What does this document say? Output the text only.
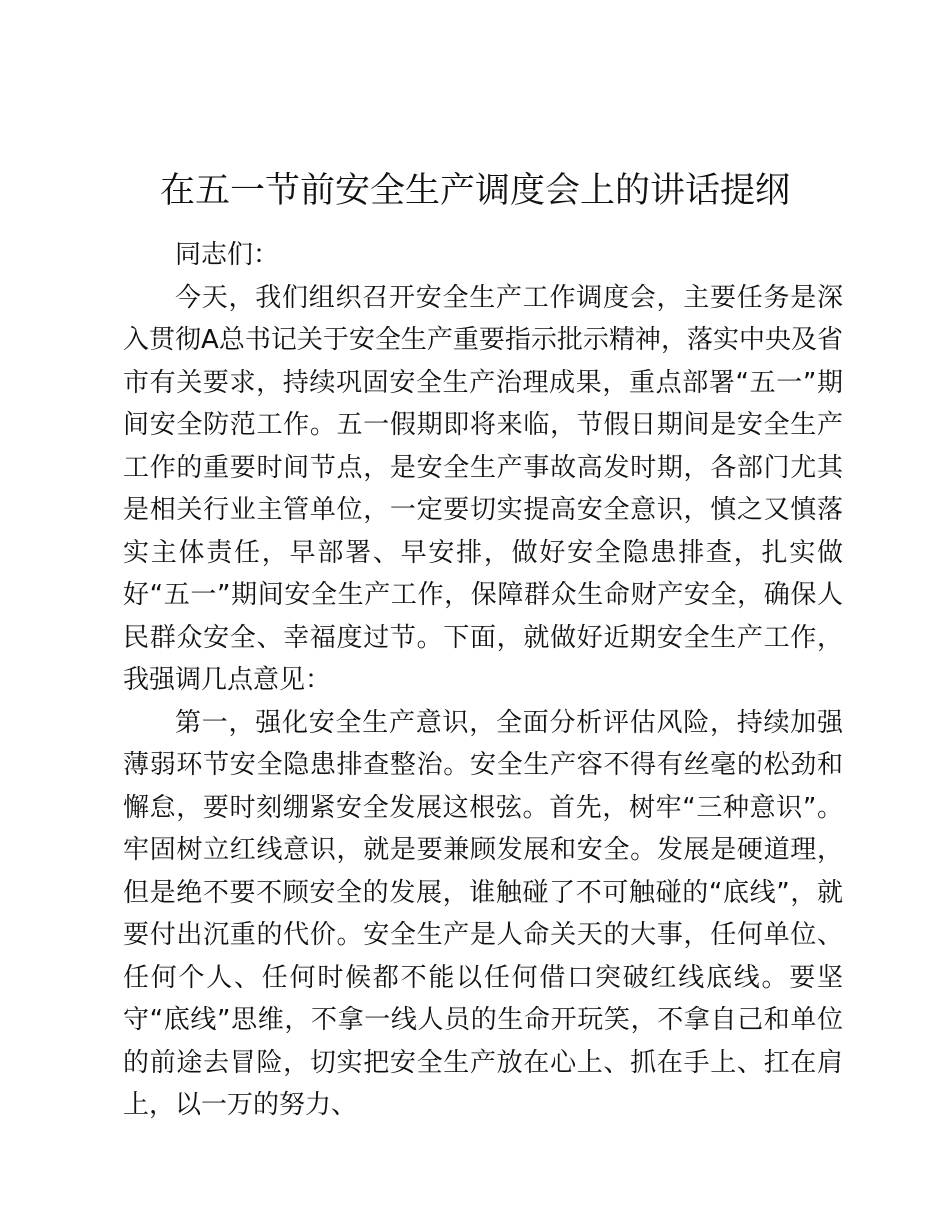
在五一节前安全生产调度会上的讲话提纲

同志们：

今天，我们组织召开安全生产工作调度会，主要任务是深入贯彻A总书记关于安全生产重要指示批示精神，落实中央及省市有关要求，持续巩固安全生产治理成果，重点部署“五一”期间安全防范工作。五一假期即将来临，节假日期间是安全生产工作的重要时间节点，是安全生产事故高发时期，各部门尤其是相关行业主管单位，一定要切实提高安全意识，慎之又慎落实主体责任，早部署、早安排，做好安全隐患排查，扎实做好“五一”期间安全生产工作，保障群众生命财产安全，确保人民群众安全、幸福度过节。下面，就做好近期安全生产工作，我强调几点意见：

第一，强化安全生产意识，全面分析评估风险，持续加强薄弱环节安全隐患排查整治。安全生产容不得有丝毫的松劲和懈怠，要时刻绷紧安全发展这根弦。首先，树牢“三种意识”。牢固树立红线意识，就是要兼顾发展和安全。发展是硬道理，但是绝不要不顾安全的发展，谁触碰了不可触碰的“底线”，就要付出沉重的代价。安全生产是人命关天的大事，任何单位、任何个人、任何时候都不能以任何借口突破红线底线。要坚守“底线”思维，不拿一线人员的生命开玩笑，不拿自己和单位的前途去冒险，切实把安全生产放在心上、抓在手上、扛在肩上，以一万的努力、
